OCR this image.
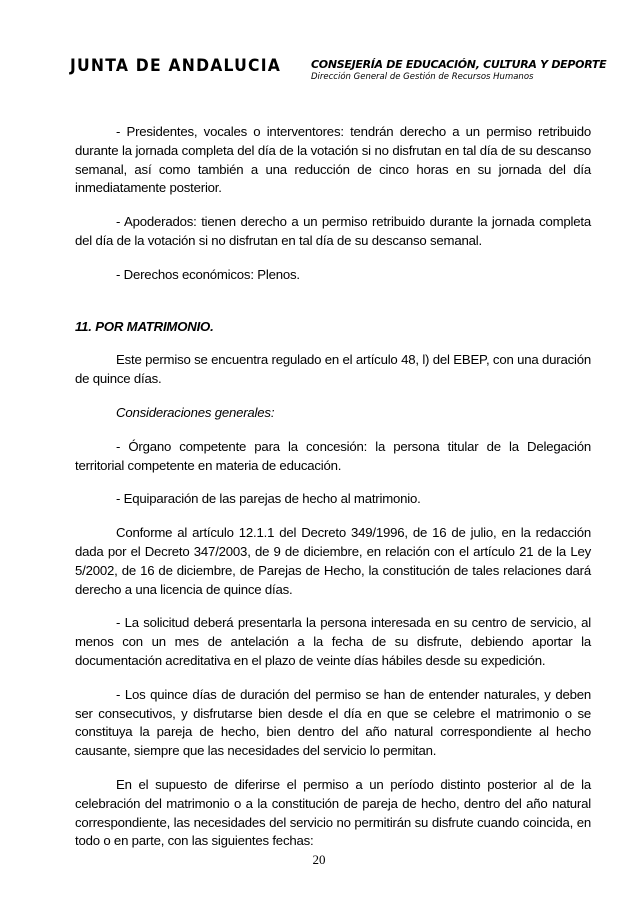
JUNTA DE ANDALUCIA	CONSEJERÍA DE EDUCACIÓN, CULTURA Y DEPORTE
Dirección General de Gestión de Recursos Humanos

- Presidentes, vocales o interventores: tendrán derecho a un permiso retribuido durante la jornada completa del día de la votación si no disfrutan en tal día de su descanso semanal, así como también a una reducción de cinco horas en su jornada del día inmediatamente posterior.

- Apoderados: tienen derecho a un permiso retribuido durante la jornada completa del día de la votación si no disfrutan en tal día de su descanso semanal.

- Derechos económicos: Plenos.

11. POR MATRIMONIO.

Este permiso se encuentra regulado en el artículo 48, l) del EBEP, con una duración de quince días.

Consideraciones generales:

- Órgano competente para la concesión: la persona titular de la Delegación territorial competente en materia de educación.

- Equiparación de las parejas de hecho al matrimonio.

Conforme al artículo 12.1.1 del Decreto 349/1996, de 16 de julio, en la redacción dada por el Decreto 347/2003, de 9 de diciembre, en relación con el artículo 21 de la Ley 5/2002, de 16 de diciembre, de Parejas de Hecho, la constitución de tales relaciones dará derecho a una licencia de quince días.

- La solicitud deberá presentarla la persona interesada en su centro de servicio, al menos con un mes de antelación a la fecha de su disfrute, debiendo aportar la documentación acreditativa en el plazo de veinte días hábiles desde su expedición.

- Los quince días de duración del permiso se han de entender naturales, y deben ser consecutivos, y disfrutarse bien desde el día en que se celebre el matrimonio o se constituya la pareja de hecho, bien dentro del año natural correspondiente al hecho causante, siempre que las necesidades del servicio lo permitan.

En el supuesto de diferirse el permiso a un período distinto posterior al de la celebración del matrimonio o a la constitución de pareja de hecho, dentro del año natural correspondiente, las necesidades del servicio no permitirán su disfrute cuando coincida, en todo o en parte, con las siguientes fechas:

20
